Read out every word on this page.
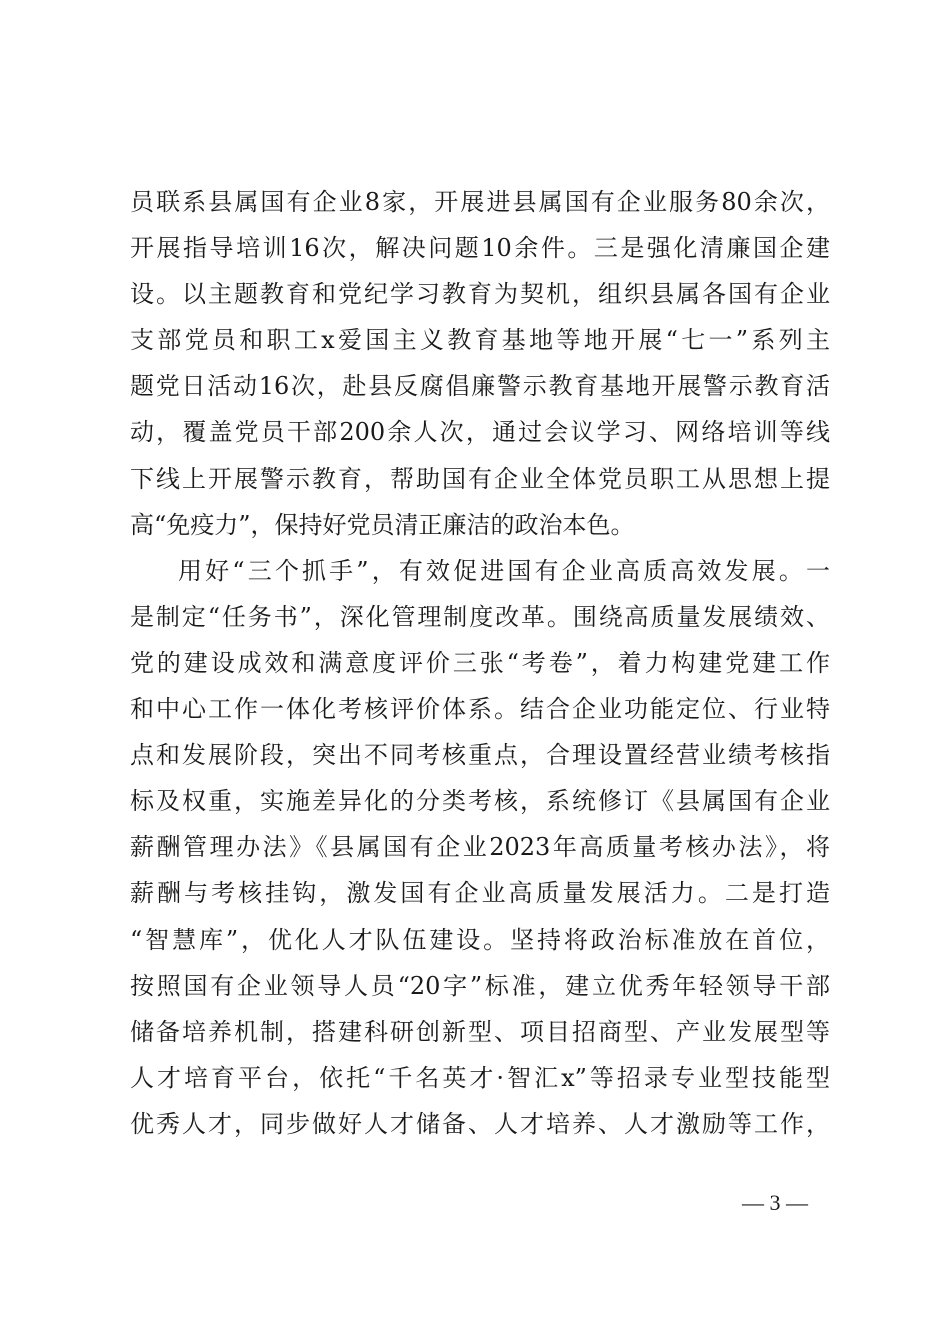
员联系县属国有企业8家，开展进县属国有企业服务80余次，
开展指导培训16次，解决问题10余件。三是强化清廉国企建
设。以主题教育和党纪学习教育为契机，组织县属各国有企业
支部党员和职工x爱国主义教育基地等地开展“七一”系列主
题党日活动16次，赴县反腐倡廉警示教育基地开展警示教育活
动，覆盖党员干部200余人次，通过会议学习、网络培训等线
下线上开展警示教育，帮助国有企业全体党员职工从思想上提
高“免疫力”，保持好党员清正廉洁的政治本色。
用好“三个抓手”，有效促进国有企业高质高效发展。一
是制定“任务书”，深化管理制度改革。围绕高质量发展绩效、
党的建设成效和满意度评价三张“考卷”，着力构建党建工作
和中心工作一体化考核评价体系。结合企业功能定位、行业特
点和发展阶段，突出不同考核重点，合理设置经营业绩考核指
标及权重，实施差异化的分类考核，系统修订《县属国有企业
薪酬管理办法》《县属国有企业2023年高质量考核办法》，将
薪酬与考核挂钩，激发国有企业高质量发展活力。二是打造
“智慧库”，优化人才队伍建设。坚持将政治标准放在首位，
按照国有企业领导人员“20字”标准，建立优秀年轻领导干部
储备培养机制，搭建科研创新型、项目招商型、产业发展型等
人才培育平台，依托“千名英才·智汇x”等招录专业型技能型
优秀人才，同步做好人才储备、人才培养、人才激励等工作，
— 3 —
